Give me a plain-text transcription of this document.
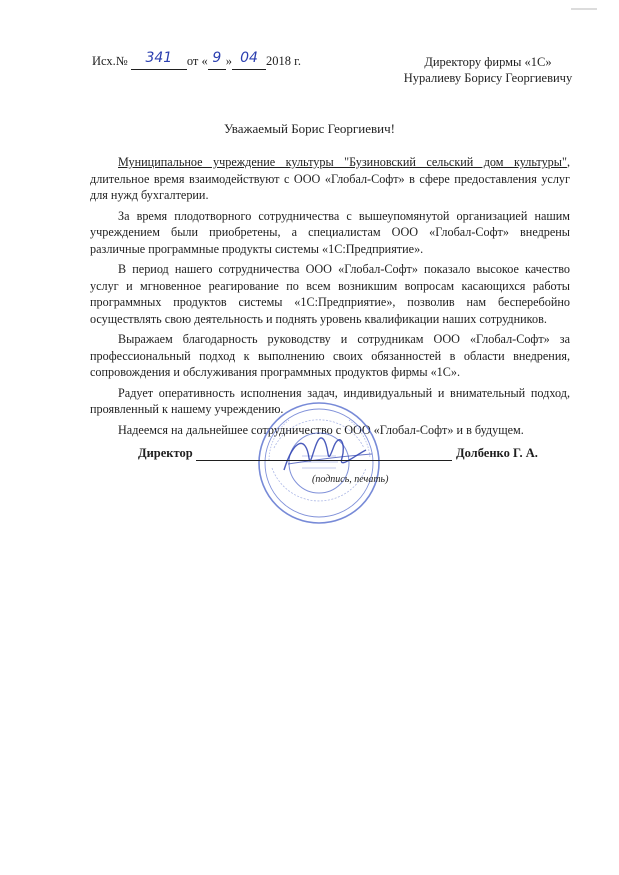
Исх.№ 341 от « 9 » 04 2018 г.	Директору фирмы «1С»
Нуралиеву Борису Георгиевичу
Уважаемый Борис Георгиевич!

Муниципальное учреждение культуры "Бузиновский сельский дом культуры", длительное время взаимодействуют с ООО «Глобал-Софт» в сфере предоставления услуг для нужд бухгалтерии.

За время плодотворного сотрудничества с вышеупомянутой организацией нашим учреждением были приобретены, а специалистам ООО «Глобал-Софт» внедрены различные программные продукты системы «1С:Предприятие».

В период нашего сотрудничества ООО «Глобал-Софт» показало высокое качество услуг и мгновенное реагирование по всем возникшим вопросам касающихся работы программных продуктов системы «1С:Предприятие», позволив нам бесперебойно осуществлять свою деятельность и поднять уровень квалификации наших сотрудников.

Выражаем благодарность руководству и сотрудникам ООО «Глобал-Софт» за профессиональный подход к выполнению своих обязанностей в области внедрения, сопровождения и обслуживания программных продуктов фирмы «1С».

Радует оперативность исполнения задач, индивидуальный и внимательный подход, проявленный к нашему учреждению.

Надеемся на дальнейшее сотрудничество с ООО «Глобал-Софт» и в будущем.

Директор	Долбенко Г. А.
(подпись, печать)
